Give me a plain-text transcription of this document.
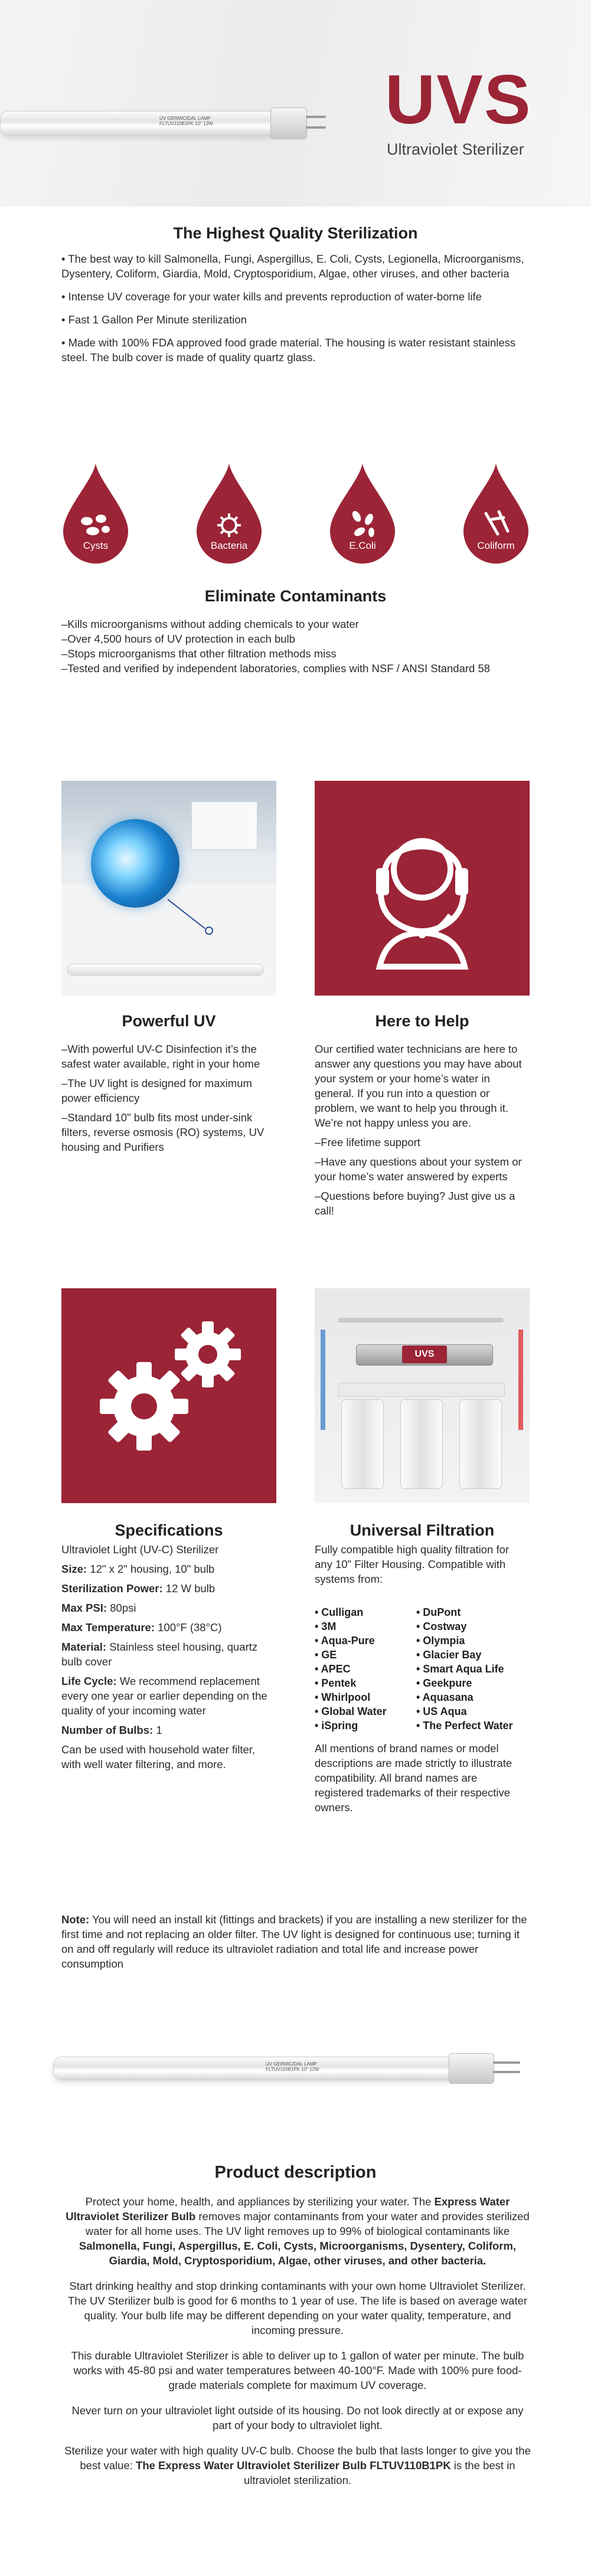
UV GERMICIDAL LAMP
FLTUV110B1PK 10" 12W UVS
Ultraviolet Sterilizer
The Highest Quality Sterilization

• The best way to kill Salmonella, Fungi, Aspergillus, E. Coli, Cysts, Legionella, Microorganisms, Dysentery, Coliform, Giardia, Mold, Cryptosporidium, Algae, other viruses, and other bacteria

• Intense UV coverage for your water kills and prevents reproduction of water-borne life

• Fast 1 Gallon Per Minute sterilization

• Made with 100% FDA approved food grade material. The housing is water resistant stainless steel. The bulb cover is made of quality quartz glass.

Cysts	Bacteria	E.Coli	Coliform
Eliminate Contaminants
–Kills microorganisms without adding chemicals to your water
–Over 4,500 hours of UV protection in each bulb
–Stops microorganisms that other filtration methods miss
–Tested and verified by independent laboratories, complies with NSF / ANSI Standard 58
Powerful UV

–With powerful UV-C Disinfection it’s the safest water available, right in your home

–The UV light is designed for maximum power efficiency

–Standard 10" bulb fits most under-sink filters, reverse osmosis (RO) systems, UV housing and Purifiers

Here to Help

Our certified water technicians are here to answer any questions you may have about your system or your home’s water in general. If you run into a question or problem, we want to help you through it. We’re not happy unless you are.

–Free lifetime support

–Have any questions about your system or your home’s water answered by experts

–Questions before buying? Just give us a call!

UVS
Specifications

Ultraviolet Light (UV-C) Sterilizer

Size: 12" x 2" housing, 10" bulb

Sterilization Power: 12 W bulb

Max PSI: 80psi

Max Temperature: 100°F (38°C)

Material: Stainless steel housing, quartz bulb cover

Life Cycle: We recommend replacement every one year or earlier depending on the quality of your incoming water

Number of Bulbs: 1

Can be used with household water filter, with well water filtering, and more.

Universal Filtration
Fully compatible high quality filtration for any 10" Filter Housing. Compatible with systems from:
• Culligan
• 3M
• Aqua-Pure
• GE
• APEC
• Pentek
• Whirlpool
• Global Water
• iSpring
• DuPont
• Costway
• Olympia
• Glacier Bay
• Smart Aqua Life
• Geekpure
• Aquasana
• US Aqua
• The Perfect Water
All mentions of brand names or model descriptions are made strictly to illustrate compatibility. All brand names are registered trademarks of their respective owners.
Note: You will need an install kit (fittings and brackets) if you are installing a new sterilizer for the first time and not replacing an older filter. The UV light is designed for continuous use; turning it on and off regularly will reduce its ultraviolet radiation and total life and increase power consumption
UV GERMICIDAL LAMP
FLTUV110B1PK 10" 12W
Product description

Protect your home, health, and appliances by sterilizing your water. The Express Water Ultraviolet Sterilizer Bulb removes major contaminants from your water and provides sterilized water for all home uses. The UV light removes up to 99% of biological contaminants like Salmonella, Fungi, Aspergillus, E. Coli, Cysts, Microorganisms, Dysentery, Coliform, Giardia, Mold, Cryptosporidium, Algae, other viruses, and other bacteria.

Start drinking healthy and stop drinking contaminants with your own home Ultraviolet Sterilizer. The UV Sterilizer bulb is good for 6 months to 1 year of use. The life is based on average water quality. Your bulb life may be different depending on your water quality, temperature, and incoming pressure.

This durable Ultraviolet Sterilizer is able to deliver up to 1 gallon of water per minute. The bulb works with 45-80 psi and water temperatures between 40-100°F. Made with 100% pure food-grade materials complete for maximum UV coverage.

Never turn on your ultraviolet light outside of its housing. Do not look directly at or expose any part of your body to ultraviolet light.

Sterilize your water with high quality UV-C bulb. Choose the bulb that lasts longer to give you the best value: The Express Water Ultraviolet Sterilizer Bulb FLTUV110B1PK is the best in ultraviolet sterilization.
